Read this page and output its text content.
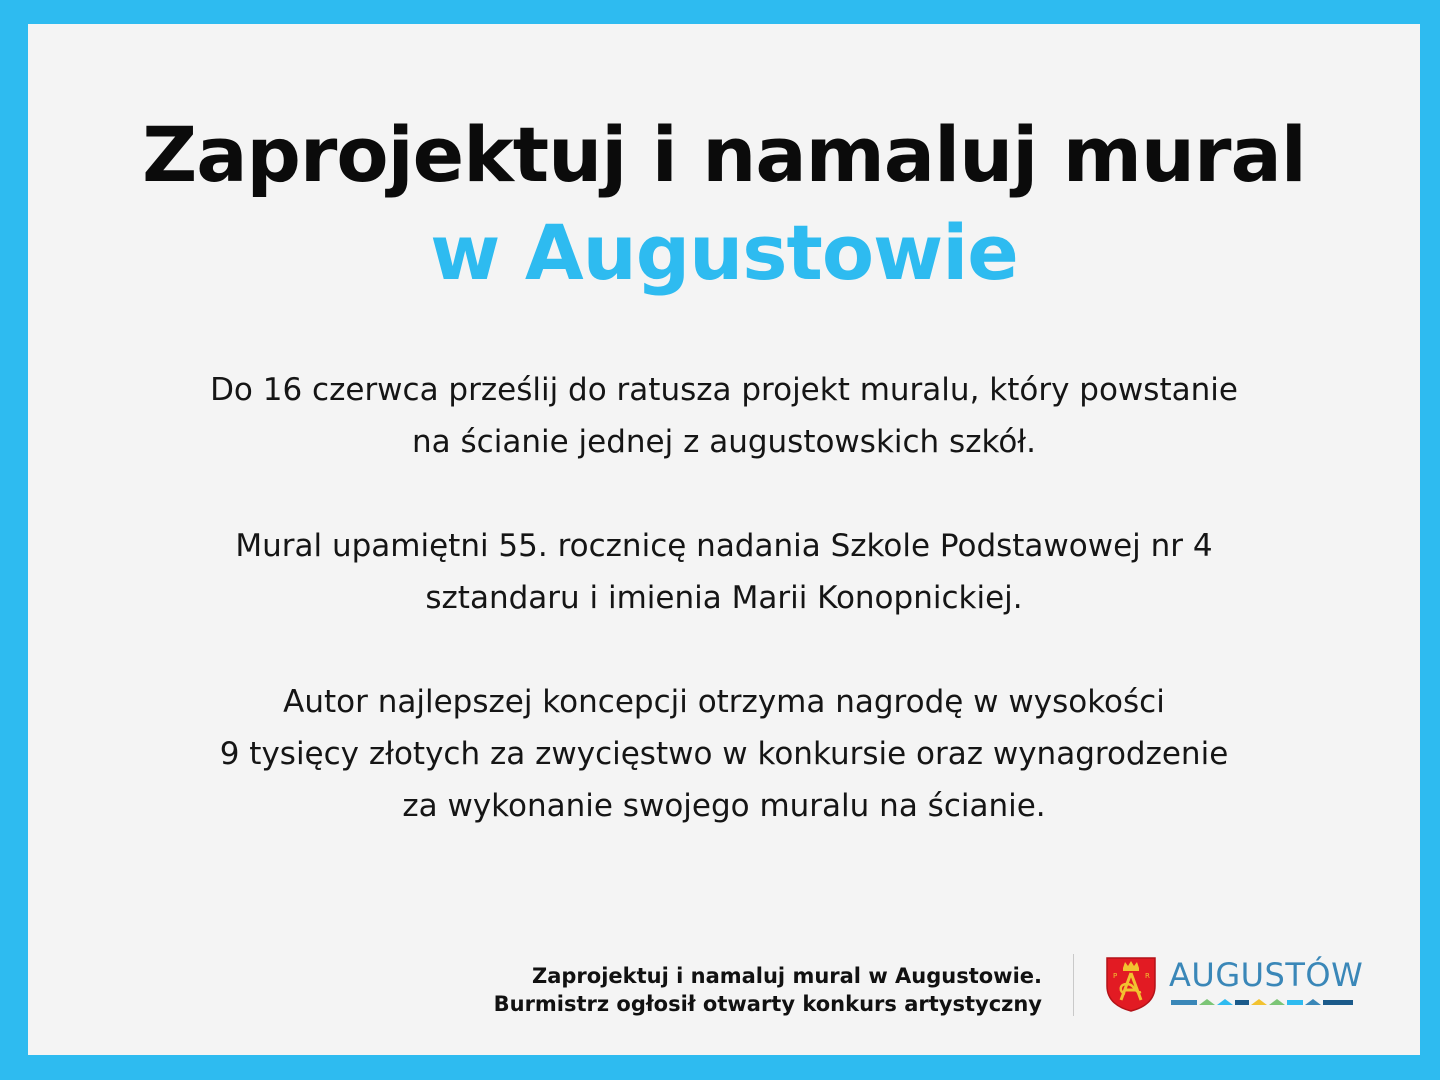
Zaprojektuj i namaluj mural
w Augustowie

Do 16 czerwca prześlij do ratusza projekt muralu, który powstanie

na ścianie jednej z augustowskich szkół.

Mural upamiętni 55. rocznicę nadania Szkole Podstawowej nr 4

sztandaru i imienia Marii Konopnickiej.

Autor najlepszej koncepcji otrzyma nagrodę w wysokości

9 tysięcy złotych za zwycięstwo w konkursie oraz wynagrodzenie

za wykonanie swojego muralu na ścianie.

Zaprojektuj i namaluj mural w Augustowie.
Burmistrz ogłosił otwarty konkurs artystyczny
P	R AUGUSTÓW
